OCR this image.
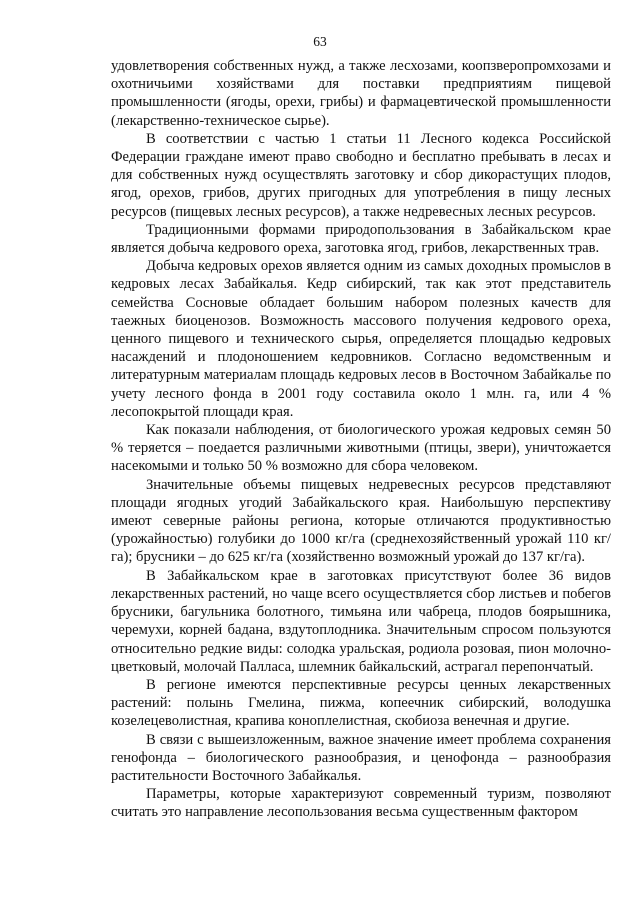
63

удовлетворения собственных нужд, а также лесхозами, коопзверопромхозами и охотничьими хозяйствами для поставки предприятиям пищевой промышленности (ягоды, орехи, грибы) и фармацевтической промышленности (лекарственно-техническое сырье).

В соответствии с частью 1 статьи 11 Лесного кодекса Российской Федерации граждане имеют право свободно и бесплатно пребывать в лесах и для собственных нужд осуществлять заготовку и сбор дикорастущих плодов, ягод, орехов, грибов, других пригодных для употребления в пищу лесных ресурсов (пищевых лесных ресурсов), а также недревесных лесных ресурсов.

Традиционными формами природопользования в Забайкальском крае является добыча кедрового ореха, заготовка ягод, грибов, лекарственных трав.

Добыча кедровых орехов является одним из самых доходных промыслов в кедровых лесах Забайкалья. Кедр сибирский, так как этот представитель семейства Сосновые обладает большим набором полезных качеств для таежных биоценозов. Возможность массового получения кедрового ореха, ценного пищевого и технического сырья, определяется площадью кедровых насаждений и плодоношением кедровников. Согласно ведомственным и литературным материалам площадь кедровых лесов в Восточном Забайкалье по учету лесного фонда в 2001 году составила около 1 млн. га, или 4 % лесопокрытой площади края.

Как показали наблюдения, от биологического урожая кедровых семян 50 % теряется – поедается различными животными (птицы, звери), уничтожается насекомыми и только 50 % возможно для сбора человеком.

Значительные объемы пищевых недревесных ресурсов представляют площади ягодных угодий Забайкальского края. Наибольшую перспективу имеют северные районы региона, которые отличаются продуктивностью (урожайностью) голубики до 1000 кг/га (среднехозяйственный урожай 110 кг/га); брусники – до 625 кг/га (хозяйственно возможный урожай до 137 кг/га).

В Забайкальском крае в заготовках присутствуют более 36 видов лекарственных растений, но чаще всего осуществляется сбор листьев и побегов брусники, багульника болотного, тимьяна или чабреца, плодов боярышника, черемухи, корней бадана, вздутоплодника. Значительным спросом пользуются относительно редкие виды: солодка уральская, родиола розовая, пион молочно-цветковый, молочай Палласа, шлемник байкальский, астрагал перепончатый.

В регионе имеются перспективные ресурсы ценных лекарственных растений: полынь Гмелина, пижма, копеечник сибирский, володушка козелецеволистная, крапива коноплелистная, скобиоза венечная и другие.

В связи с вышеизложенным, важное значение имеет проблема сохранения генофонда – биологического разнообразия, и ценофонда – разнообразия растительности Восточного Забайкалья.

Параметры, которые характеризуют современный туризм, позволяют считать это направление лесопользования весьма существенным фактором
